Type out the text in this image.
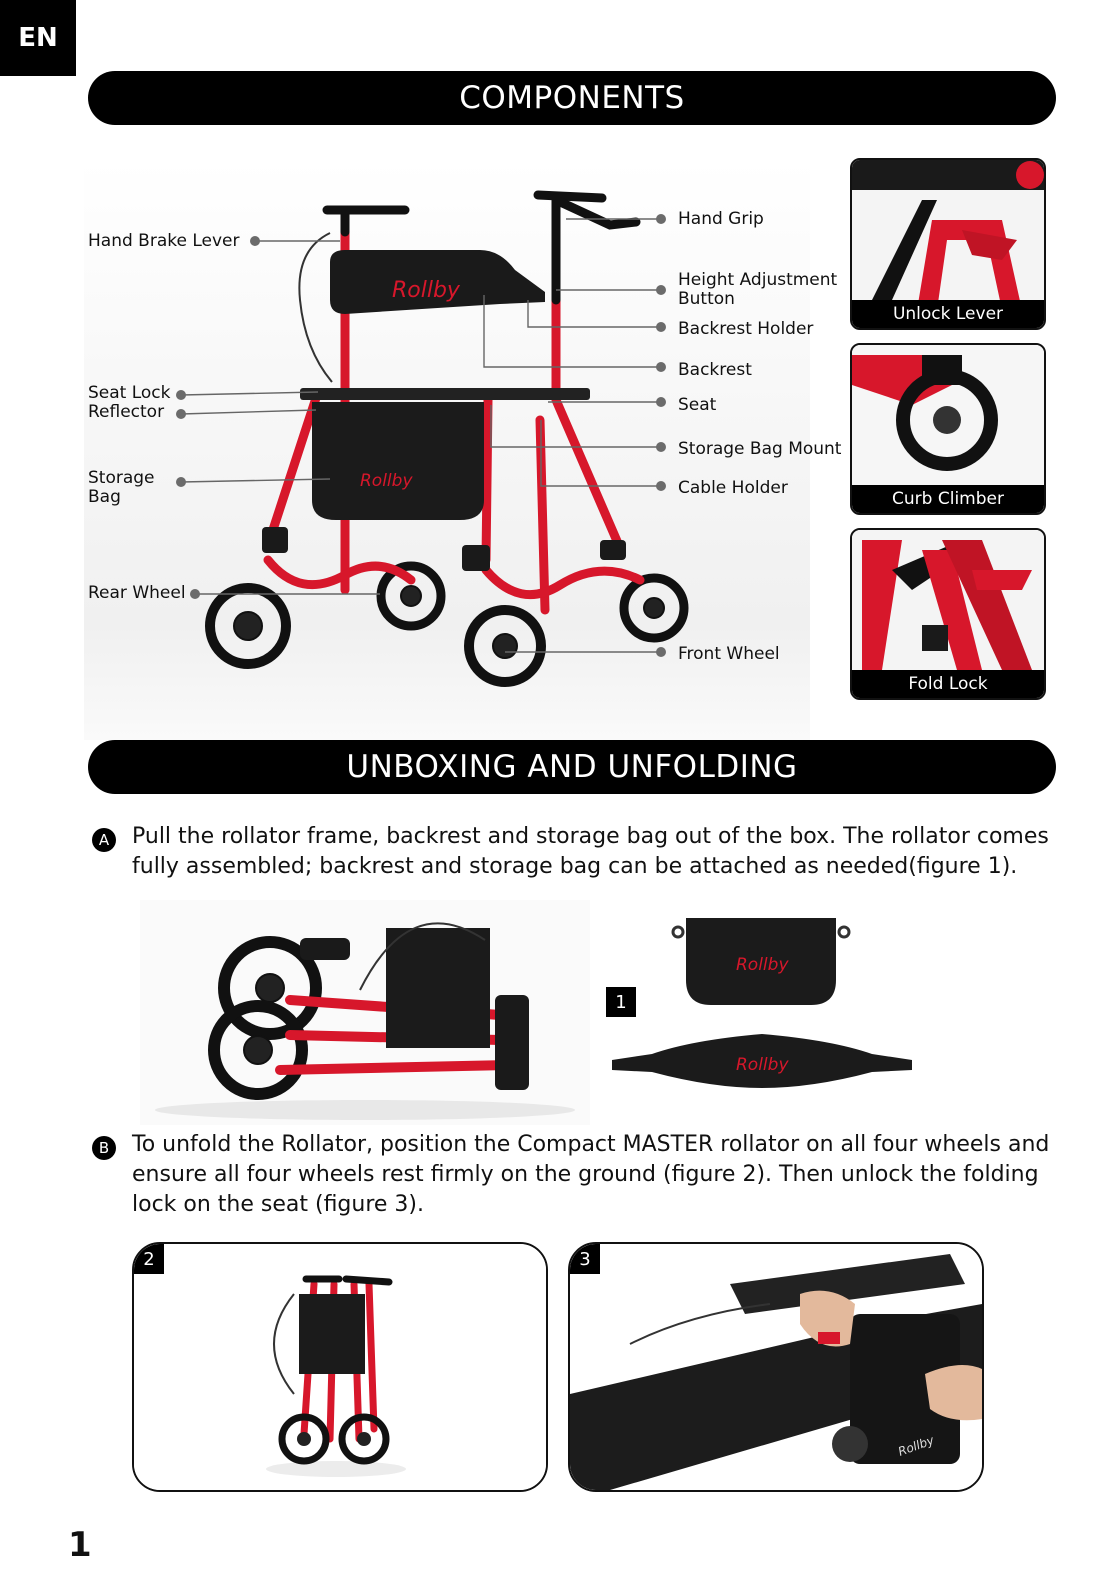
EN
COMPONENTS
Rollby
Rollby
Hand Brake Lever
Seat Lock
Reflector
Storage
Bag
Rear Wheel
Hand Grip
Height Adjustment
Button
Backrest Holder
Backrest
Seat
Storage Bag Mount
Cable Holder
Front Wheel
Unlock Lever
Curb Climber
Fold Lock
UNBOXING AND UNFOLDING
A	Pull the rollator frame, backrest and storage bag out of the box. The rollator comes fully assembled; backrest and storage bag can be attached as needed(figure 1).
1
Rollby
Rollby
B	To unfold the Rollator, position the Compact MASTER rollator on all four wheels and ensure all four wheels rest firmly on the ground (figure 2). Then unlock the folding lock on the seat (figure 3).
2
Rollby
3
1
